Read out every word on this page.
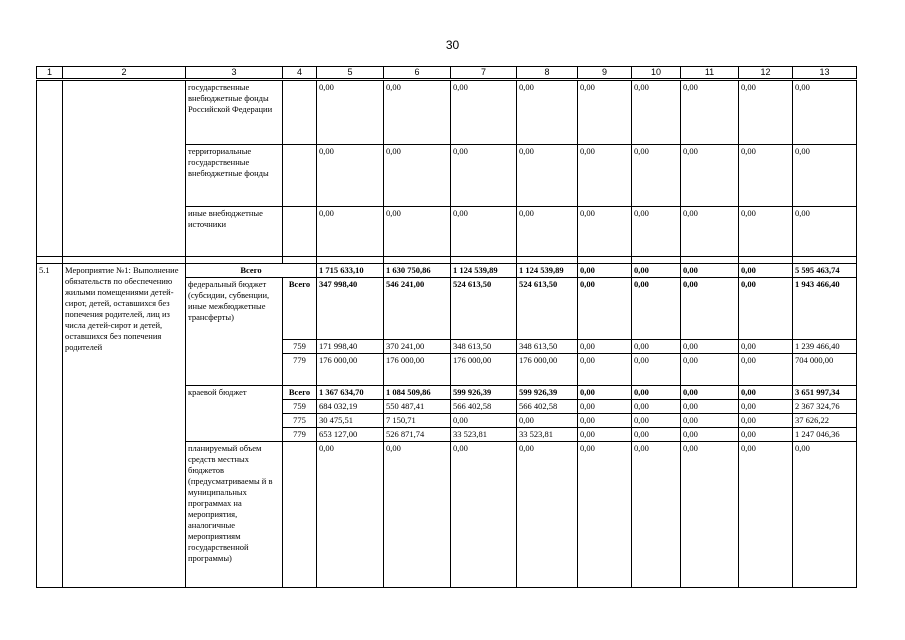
30
1	2	3	4	5	6	7	8	9	10	11	12	13
		государственные внебюджетные фонды Российской Федерации		0,00	0,00	0,00	0,00	0,00	0,00	0,00	0,00	0,00
		территориальные государственные внебюджетные фонды		0,00	0,00	0,00	0,00	0,00	0,00	0,00	0,00	0,00
		иные внебюджетные источники		0,00	0,00	0,00	0,00	0,00	0,00	0,00	0,00	0,00

5.1	Мероприятие №1: Выполнение обязательств по обеспечению жилыми помещениями детей-сирот, детей, оставшихся без попечения родителей, лиц из числа детей-сирот и детей, оставшихся без попечения родителей	Всего		1 715 633,10	1 630 750,86	1 124 539,89	1 124 539,89	0,00	0,00	0,00	0,00	5 595 463,74
		федеральный бюджет (субсидии, субвенции, иные межбюджетные трансферты)	Всего	347 998,40	546 241,00	524 613,50	524 613,50	0,00	0,00	0,00	0,00	1 943 466,40
			759	171 998,40	370 241,00	348 613,50	348 613,50	0,00	0,00	0,00	0,00	1 239 466,40
			779	176 000,00	176 000,00	176 000,00	176 000,00	0,00	0,00	0,00	0,00	704 000,00
		краевой бюджет	Всего	1 367 634,70	1 084 509,86	599 926,39	599 926,39	0,00	0,00	0,00	0,00	3 651 997,34
			759	684 032,19	550 487,41	566 402,58	566 402,58	0,00	0,00	0,00	0,00	2 367 324,76
			775	30 475,51	7 150,71	0,00	0,00	0,00	0,00	0,00	0,00	37 626,22
			779	653 127,00	526 871,74	33 523,81	33 523,81	0,00	0,00	0,00	0,00	1 247 046,36
		планируемый объем средств местных бюджетов (предусматриваемы й в муниципальных программах на мероприятия, аналогичные мероприятиям государственной программы)		0,00	0,00	0,00	0,00	0,00	0,00	0,00	0,00	0,00
